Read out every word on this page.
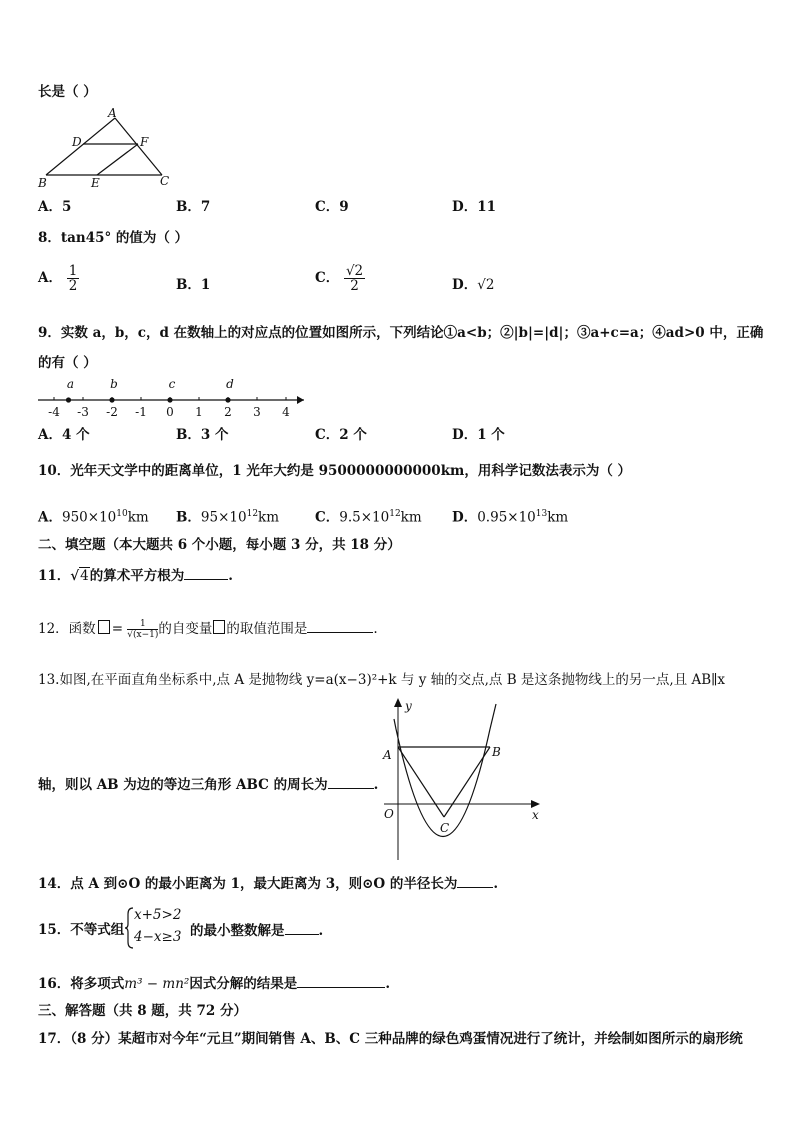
长是（ ）
A
D	F
B	E	C
A．5	B．7	C．9	D．11
8．tan45° 的值为（ ）
A． $\frac{1}{2}$	B．1	C． $\frac{√2}{2}$	D．√2
9．实数 a，b，c，d 在数轴上的对应点的位置如图所示，下列结论①a<b；②|b|=|d|；③a+c=a；④ad>0 中，正确
的有（ ）
-4 -3 -2 -1 0 1 2 3 4
a	b	c	d
A．4 个	B．3 个	C．2 个	D．1 个
10．光年天文学中的距离单位，1 光年大约是 9500000000000km，用科学记数法表示为（ ）
A．$950\times 10^{10}km$ B．$95\times 10^{12}km$	C．$9.5\times 10^{12}km$ D．$0.95\times 10^{13}km$
二、填空题（本大题共 6 个小题，每小题 3 分，共 18 分）
11．√4的算术平方根为	.
12．函数 = $\frac{1}{√(x-1)}$ 的自变量 的取值范围是	.
13.如图,在平面直角坐标系中,点 A 是抛物线 y=a(x−3)²+k 与 y 轴的交点,点 B 是这条抛物线上的另一点,且 AB∥x
轴，则以 AB 为边的等边三角形 ABC 的周长为	.
y
x
O
A	B
C
14．点 A 到⊙O 的最小距离为 1，最大距离为 3，则⊙O 的半径长为	.
15．不等式组
x+5>2
4−x≥3 的最小整数解是	.
16．将多项式m³ − mn²因式分解的结果是	.
三、解答题（共 8 题，共 72 分）
17．（8 分）某超市对今年“元旦”期间销售 A、B、C 三种品牌的绿色鸡蛋情况进行了统计，并绘制如图所示的扇形统
